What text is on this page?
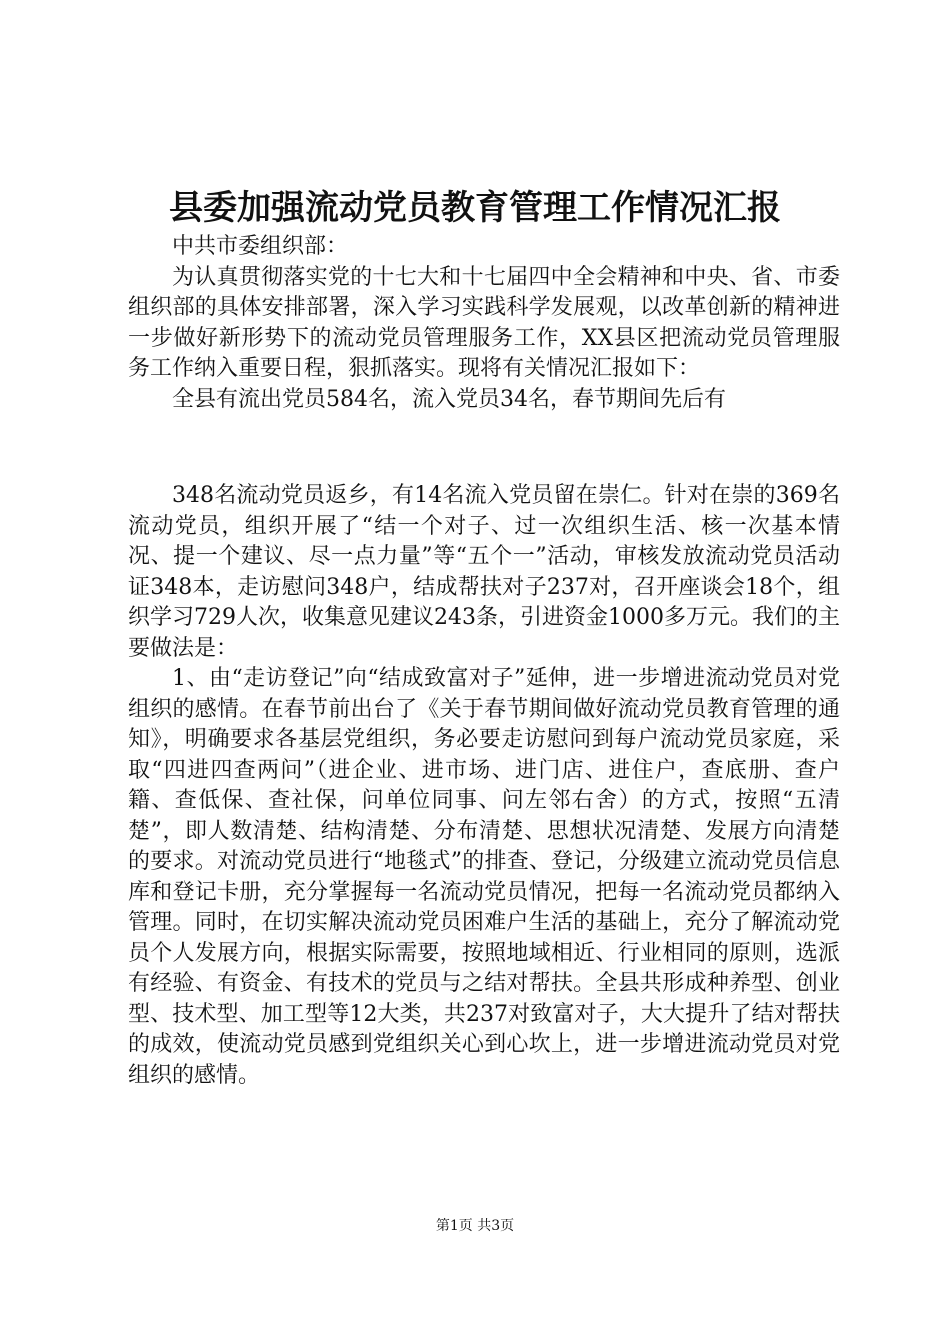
县委加强流动党员教育管理工作情况汇报

中共市委组织部：

为认真贯彻落实党的十七大和十七届四中全会精神和中央、省、市委组织部的具体安排部署，深入学习实践科学发展观，以改革创新的精神进一步做好新形势下的流动党员管理服务工作，XX县区把流动党员管理服务工作纳入重要日程，狠抓落实。现将有关情况汇报如下：

全县有流出党员584名，流入党员34名，春节期间先后有

348名流动党员返乡，有14名流入党员留在崇仁。针对在崇的369名流动党员，组织开展了“结一个对子、过一次组织生活、核一次基本情况、提一个建议、尽一点力量”等“五个一”活动，审核发放流动党员活动证348本，走访慰问348户，结成帮扶对子237对，召开座谈会18个，组织学习729人次，收集意见建议243条，引进资金1000多万元。我们的主要做法是：

1、由“走访登记”向“结成致富对子”延伸，进一步增进流动党员对党组织的感情。在春节前出台了《关于春节期间做好流动党员教育管理的通知》，明确要求各基层党组织，务必要走访慰问到每户流动党员家庭，采取“四进四查两问”（进企业、进市场、进门店、进住户，查底册、查户籍、查低保、查社保，问单位同事、问左邻右舍）的方式，按照“五清楚”，即人数清楚、结构清楚、分布清楚、思想状况清楚、发展方向清楚的要求。对流动党员进行“地毯式”的排查、登记，分级建立流动党员信息库和登记卡册，充分掌握每一名流动党员情况，把每一名流动党员都纳入管理。同时，在切实解决流动党员困难户生活的基础上，充分了解流动党员个人发展方向，根据实际需要，按照地域相近、行业相同的原则，选派有经验、有资金、有技术的党员与之结对帮扶。全县共形成种养型、创业型、技术型、加工型等12大类，共237对致富对子，大大提升了结对帮扶的成效，使流动党员感到党组织关心到心坎上，进一步增进流动党员对党组织的感情。

第1页 共3页
